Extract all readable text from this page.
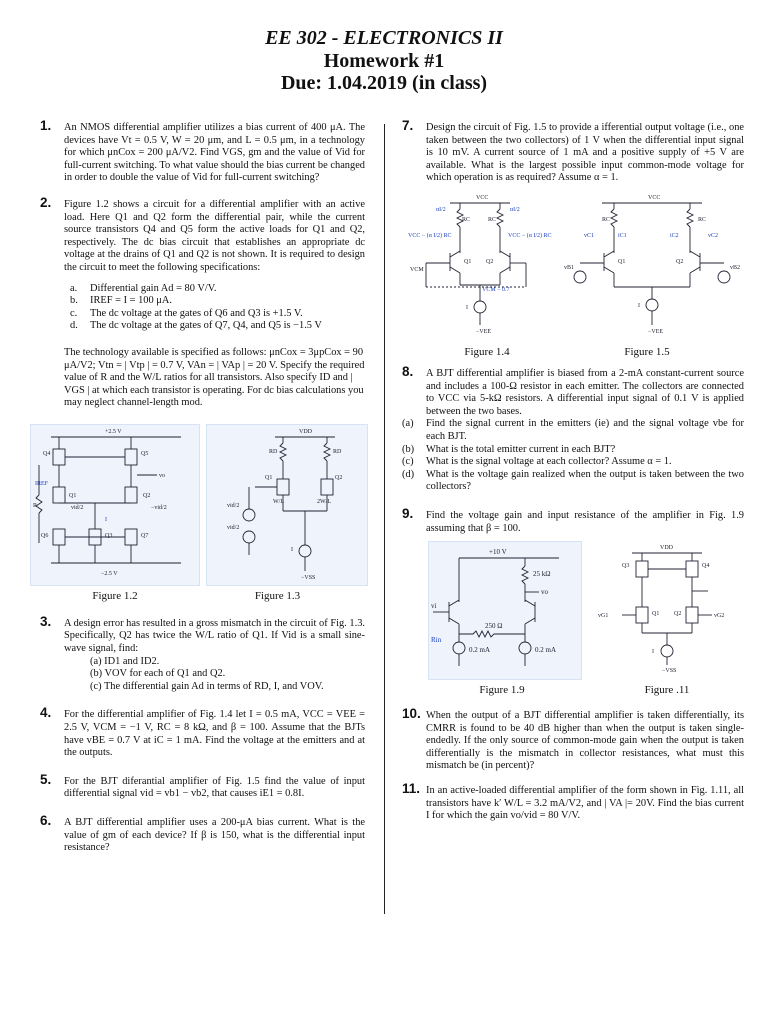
EE 302 - ELECTRONICS II
Homework #1
Due: 1.04.2019 (in class)
1. An NMOS differential amplifier utilizes a bias current of 400 μA. The devices have Vt = 0.5 V, W = 20 μm, and L = 0.5 μm, in a technology for which μnCox = 200 μA/V2. Find VGS, gm and the value of Vid for full-current switching. To what value should the bias current be changed in order to double the value of Vid for full-current switching?
2. Figure 1.2 shows a circuit for a differential amplifier with an active load. Here Q1 and Q2 form the differential pair, while the current source transistors Q4 and Q5 form the active loads for Q1 and Q2, respectively. The dc bias circuit that establishes an appropriate dc voltage at the drains of Q1 and Q2 is not shown. It is required to design the circuit to meet the following specifications:
a.	Differential gain Ad = 80 V/V.
b.	IREF = I = 100 μA.
c.	The dc voltage at the gates of Q6 and Q3 is +1.5 V.
d.	The dc voltage at the gates of Q7, Q4, and Q5 is −1.5 V
The technology available is specified as follows: μnCox = 3μpCox = 90 μA/V2; Vtn = | Vtp | = 0.7 V, VAn = | VAp | = 20 V. Specify the required value of R and the W/L ratios for all transistors. Also specify ID and | VGS | at which each transistor is operating. For dc bias calculations you may neglect channel-length mod.
+2.5 V
Q4	Q5
IREF
R
Q1	Q2
vid/2	−vid/2
vo
Q6	Q3	Q7
I
−2.5 V
VDD
RD	RD
Q1	Q2
W/L	2W/L
vid/2
vid/2
I
−VSS
Figure 1.2	Figure 1.3
3. A design error has resulted in a gross mismatch in the circuit of Fig. 1.3. Specifically, Q2 has twice the W/L ratio of Q1. If Vid is a small sine-wave signal, find:
(a) ID1 and ID2.
(b) VOV for each of Q1 and Q2.
(c) The differential gain Ad in terms of RD, I, and VOV.
4. For the differential amplifier of Fig. 1.4 let I = 0.5 mA, VCC = VEE = 2.5 V, VCM = −1 V, RC = 8 kΩ, and β = 100. Assume that the BJTs have vBE = 0.7 V at iC = 1 mA. Find the voltage at the emitters and at the outputs.
5. For the BJT diferantial amplifier of Fig. 1.5 find the value of input differential signal vid = vb1 − vb2, that causes iE1 = 0.8I.
6. A BJT differential amplifier uses a 200-μA bias current. What is the value of gm of each device? If β is 150, what is the differential input resistance?
7. Design the circuit of Fig. 1.5 to provide a ifferential output voltage (i.e., one taken between the two collectors) of 1 V when the differential input signal is 10 mV. A current source of 1 mA and a positive supply of +5 V are available. What is the largest possible input common-mode voltage for which operation is as required? Assume α = 1.
VCC
RC	RC
αI/2	αI/2
VCC − (α I/2) RC	VCC − (α I/2) RC
Q1 Q2
VCM − 0.7
VCM
I
−VEE
VCC
RC	RC
iC1	iC2
vC1	vC2
Q1	Q2
vB1	vB2
I
−VEE
Figure 1.4	Figure 1.5
8. A BJT differential amplifier is biased from a 2-mA constant-current source and includes a 100-Ω resistor in each emitter. The collectors are connected to VCC via 5-kΩ resistors. A differential input signal of 0.1 V is applied between the two bases.
(a)	Find the signal current in the emitters (ie) and the signal voltage vbe for each BJT.
(b)	What is the total emitter current in each BJT?
(c)	What is the signal voltage at each collector? Assume α = 1.
(d)	What is the voltage gain realized when the output is taken between the two collectors?
9. Find the voltage gain and input resistance of the amplifier in Fig. 1.9 assuming that β = 100.
+10 V
25 kΩ
vo
vi
Rin
250 Ω
0.2 mA	0.2 mA
VDD
Q3	Q4
Q1 Q2
vG1	vG2
I
−VSS
Figure 1.9	Figure .11
10. When the output of a BJT differential amplifier is taken differentially, its CMRR is found to be 40 dB higher than when the output is taken single-endedly. If the only source of common-mode gain when the output is taken differentially is the mismatch in collector resistances, what must this mismatch be (in percent)?
11. In an active-loaded differential amplifier of the form shown in Fig. 1.11, all transistors have k′ W/L = 3.2 mA/V2, and | VA |= 20V. Find the bias current I for which the gain vo/vid = 80 V/V.
